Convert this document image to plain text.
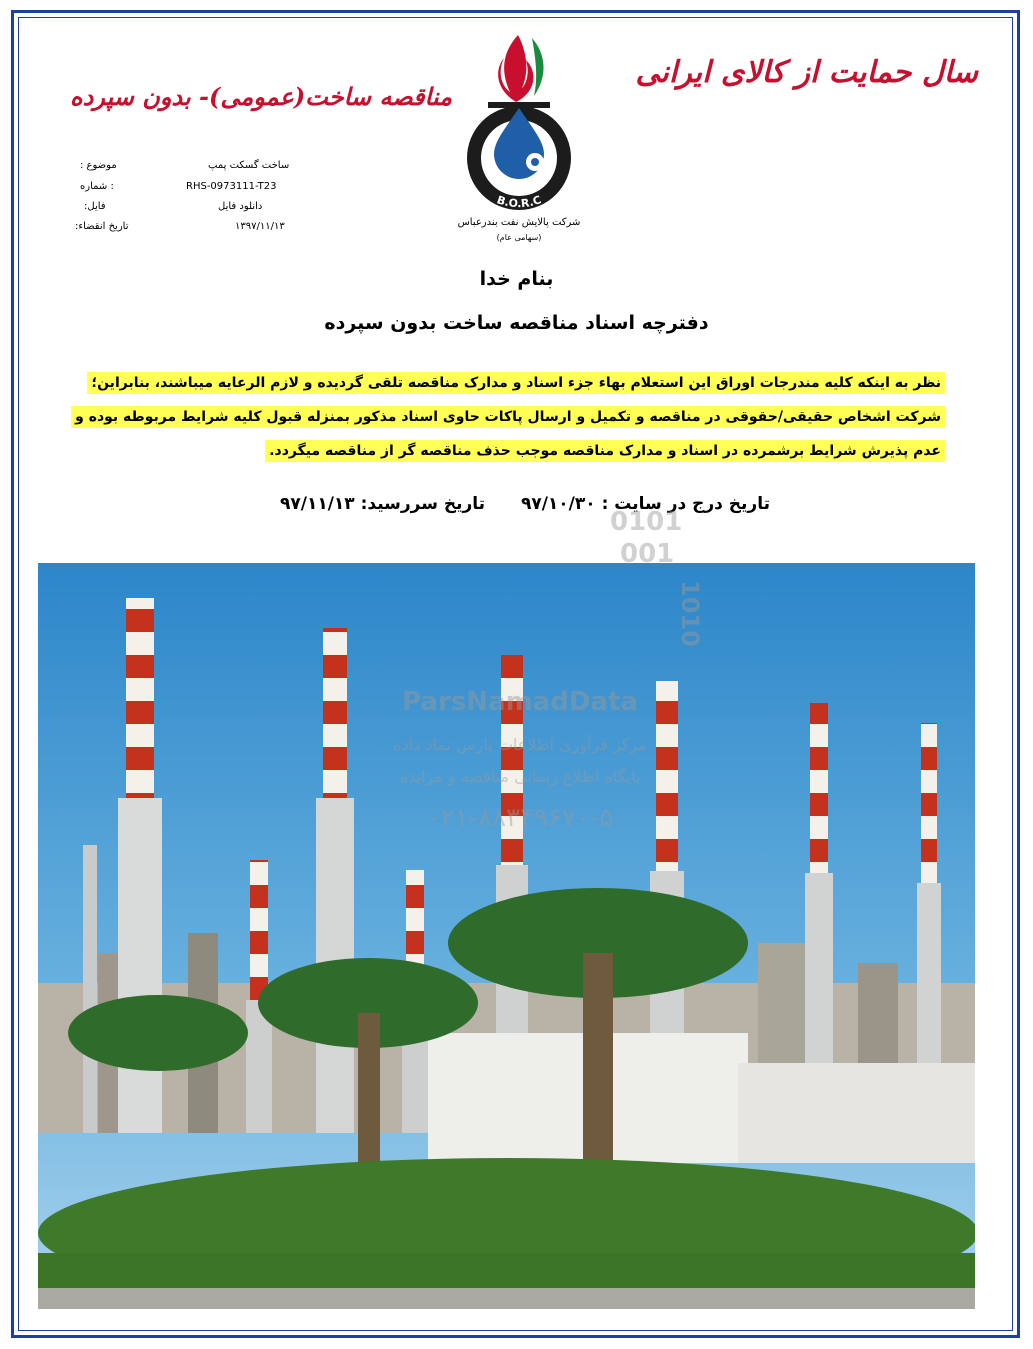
سال حمایت از کالای ایرانی
مناقصه ساخت(عمومی)- بدون سپرده
موضوع :	ساخت گسکت پمپ
: شماره	RHS-0973111-T23
فایل:	دانلود فایل
تاریخ انقضاء:	۱۳۹۷/۱۱/۱۳
B.O.R.C
شرکت پالایش نفت بندرعباس
(سهامی عام)
بنام خدا
دفترچه اسناد مناقصه ساخت بدون سپرده
نظر به اینکه کلیه مندرجات اوراق این استعلام بهاء جزء اسناد و مدارک مناقصه تلقی گردیده و لازم الرعایه میباشند، بنابراین؛ شرکت اشخاص حقیقی/حقوقی در مناقصه و تکمیل و ارسال پاکات حاوی اسناد مذکور بمنزله قبول کلیه شرایط مربوطه بوده و عدم پذیرش شرایط برشمرده در اسناد و مدارک مناقصه موجب حذف مناقصه گر از مناقصه میگردد.
تاریخ درج در سایت : ۹۷/۱۰/۳۰
تاریخ سررسید: ۹۷/۱۱/۱۳
ParsNamadData
مرکز فرآوری اطلاعات پارس نماد داده
پایگاه اطلاع رسانی مناقصه و مزایده
۰۲۱-۸۸۳۴۹۶۷۰-۵
0101
001
1010
